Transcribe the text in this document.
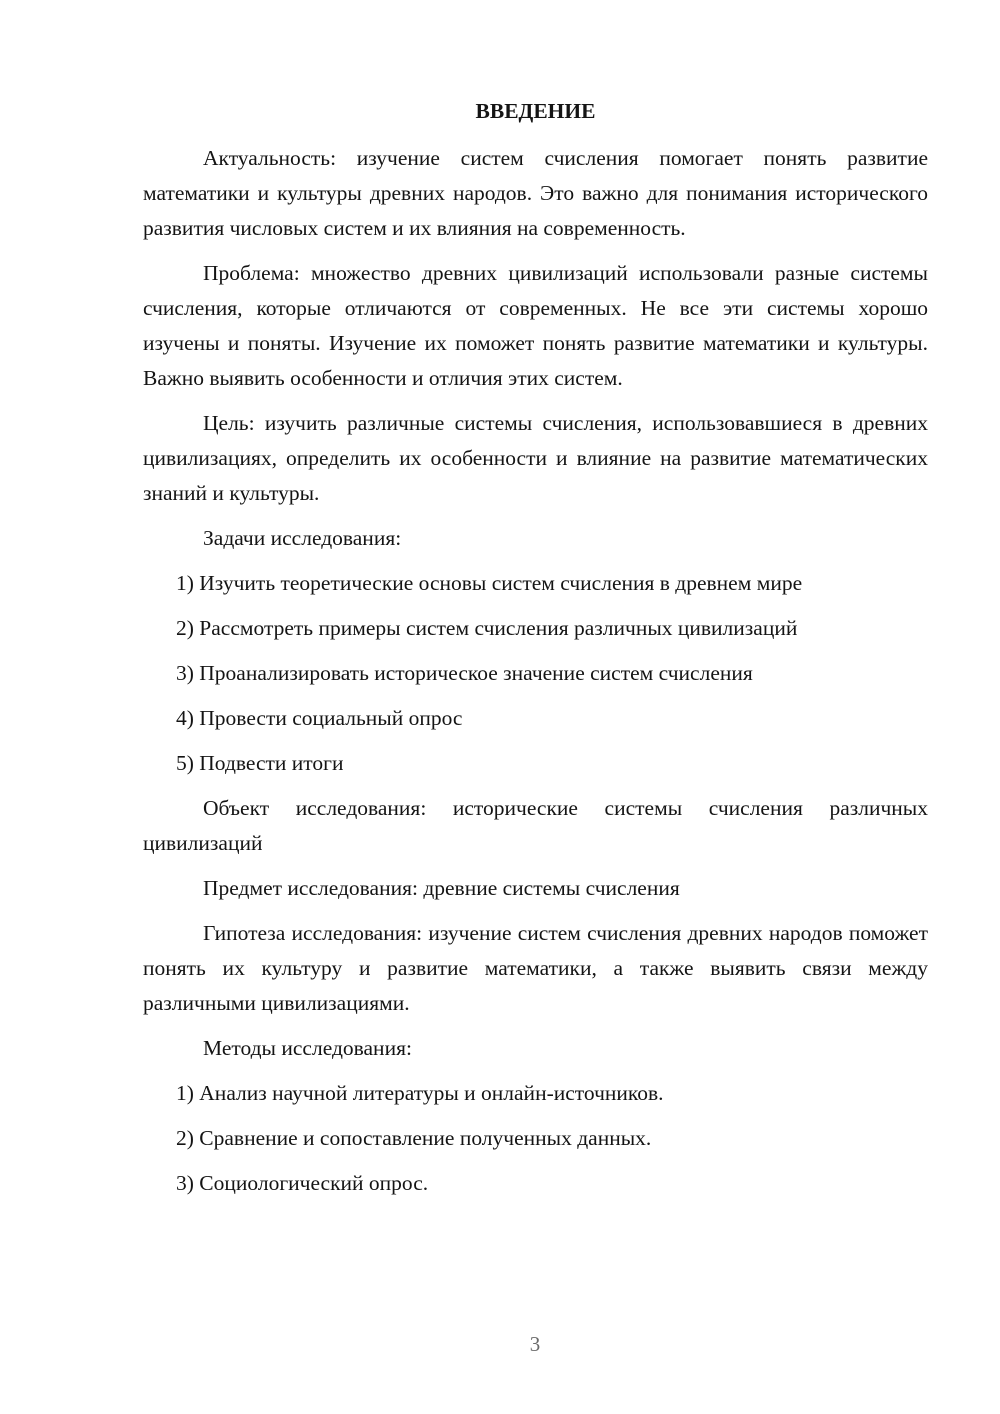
ВВЕДЕНИЕ

Актуальность: изучение систем счисления помогает понять развитие математики и культуры древних народов. Это важно для понимания исторического развития числовых систем и их влияния на современность.

Проблема: множество древних цивилизаций использовали разные системы счисления, которые отличаются от современных. Не все эти системы хорошо изучены и поняты. Изучение их поможет понять развитие математики и культуры. Важно выявить особенности и отличия этих систем.

Цель: изучить различные системы счисления, использовавшиеся в древних цивилизациях, определить их особенности и влияние на развитие математических знаний и культуры.

Задачи исследования:
1) Изучить теоретические основы систем счисления в древнем мире
2) Рассмотреть примеры систем счисления различных цивилизаций
3) Проанализировать историческое значение систем счисления
4) Провести социальный опрос
5) Подвести итоги

Объект исследования: исторические системы счисления различных цивилизаций

Предмет исследования: древние системы счисления

Гипотеза исследования: изучение систем счисления древних народов поможет понять их культуру и развитие математики, а также выявить связи между различными цивилизациями.

Методы исследования:
1) Анализ научной литературы и онлайн-источников.
2) Сравнение и сопоставление полученных данных.
3) Социологический опрос.
3
